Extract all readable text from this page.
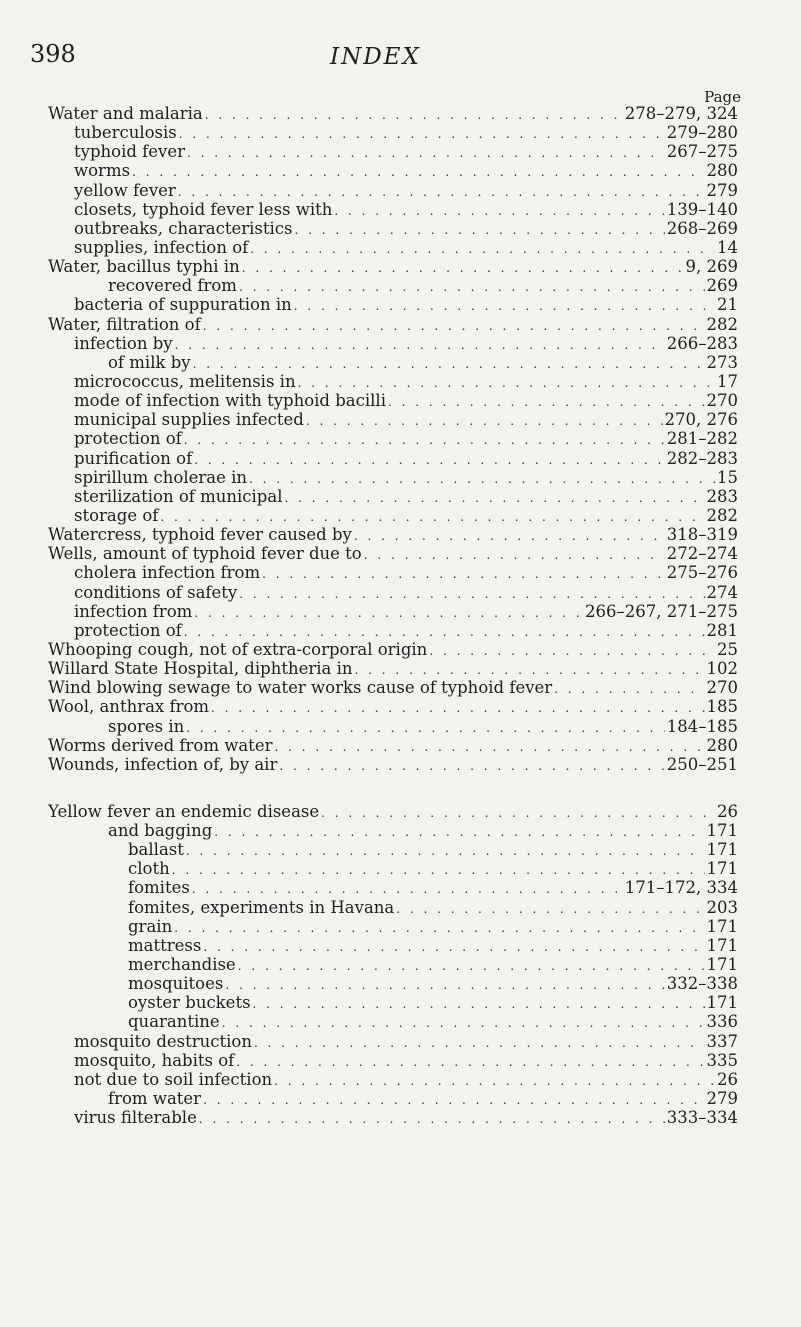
398	INDEX
Page
Water and malaria . . .	278–279, 324
tuberculosis . . .	279–280
typhoid fever . . .	267–275
worms . . .	280
yellow fever . . .	279
closets, typhoid fever less with . . .	139–140
outbreaks, characteristics . . .	268–269
supplies, infection of . . .	14
Water, bacillus typhi in . . .	9, 269
recovered from . . .	269
bacteria of suppuration in . . .	21
Water, filtration of . . .	282
infection by . . .	266–283
of milk by . . .	273
micrococcus, melitensis in . . .	17
mode of infection with typhoid bacilli . . .	270
municipal supplies infected . . .	270, 276
protection of . . .	281–282
purification of . . .	282–283
spirillum cholerae in . . .	15
sterilization of municipal . . .	283
storage of . . .	282
Watercress, typhoid fever caused by . . .	318–319
Wells, amount of typhoid fever due to . . .	272–274
cholera infection from . . .	275–276
conditions of safety . . .	274
infection from . . .	266–267, 271–275
protection of . . .	281
Whooping cough, not of extra-corporal origin . . .	25
Willard State Hospital, diphtheria in . . .	102
Wind blowing sewage to water works cause of typhoid fever . . .	270
Wool, anthrax from . . .	185
spores in . . .	184–185
Worms derived from water . . .	280
Wounds, infection of, by air . . .	250–251
Yellow fever an endemic disease . . .	26
and bagging . . .	171
ballast . . .	171
cloth . . .	171
fomites . . .	171–172, 334
fomites, experiments in Havana . . .	203
grain . . .	171
mattress . . .	171
merchandise . . .	171
mosquitoes . . .	332–338
oyster buckets . . .	171
quarantine . . .	336
mosquito destruction . . .	337
mosquito, habits of . . .	335
not due to soil infection . . .	26
from water . . .	279
virus filterable . . .	333–334
